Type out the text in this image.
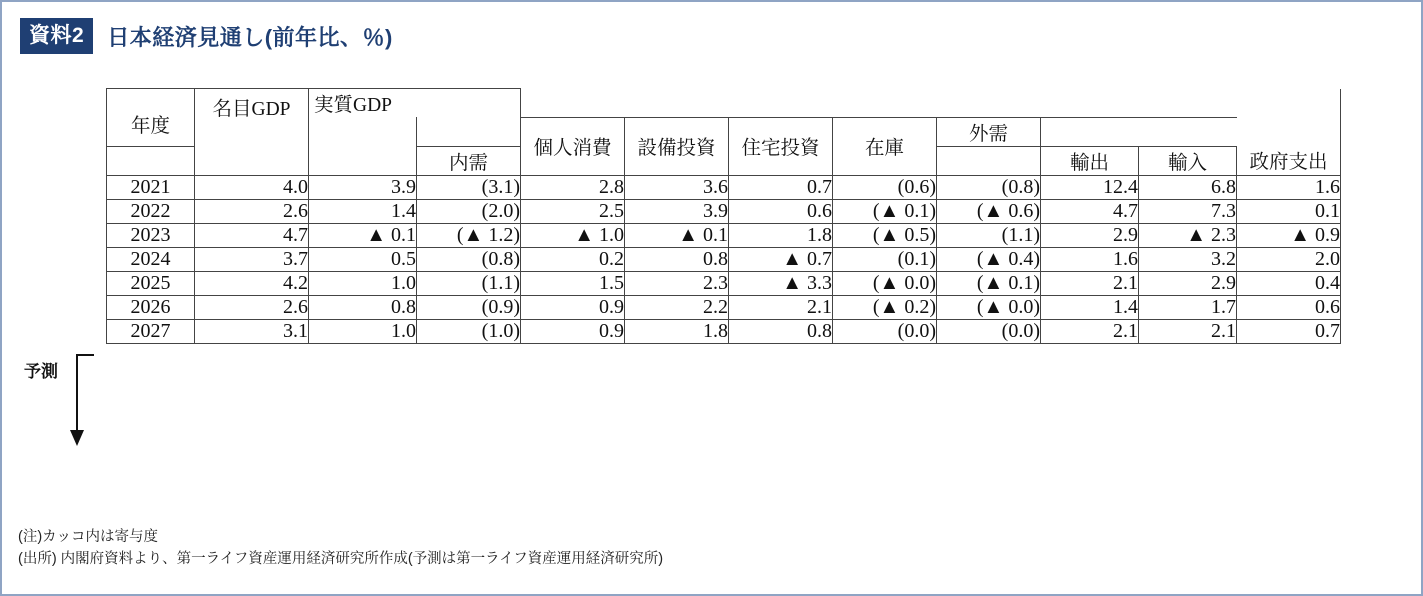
資料2	日本経済見通し(前年比、％)
予測
年度	名目GDP	実質GDP										
				個人消費	設備投資	住宅投資	在庫	外需				
			内需						輸出	輸入	政府支出	
2021	4.0	3.9	(3.1)	2.8	3.6	0.7	(0.6)	(0.8)	12.4	6.8	1.6	
2022	2.6	1.4	(2.0)	2.5	3.9	0.6	(▲ 0.1)	(▲ 0.6)	4.7	7.3	0.1	
2023	4.7	▲ 0.1	(▲ 1.2)	▲ 1.0	▲ 0.1	1.8	(▲ 0.5)	(1.1)	2.9	▲ 2.3	▲ 0.9	
2024	3.7	0.5	(0.8)	0.2	0.8	▲ 0.7	(0.1)	(▲ 0.4)	1.6	3.2	2.0	
2025	4.2	1.0	(1.1)	1.5	2.3	▲ 3.3	(▲ 0.0)	(▲ 0.1)	2.1	2.9	0.4	
2026	2.6	0.8	(0.9)	0.9	2.2	2.1	(▲ 0.2)	(▲ 0.0)	1.4	1.7	0.6	
2027	3.1	1.0	(1.0)	0.9	1.8	0.8	(0.0)	(0.0)	2.1	2.1	0.7	
(注)カッコ内は寄与度
(出所) 内閣府資料より、第一ライフ資産運用経済研究所作成(予測は第一ライフ資産運用経済研究所)
